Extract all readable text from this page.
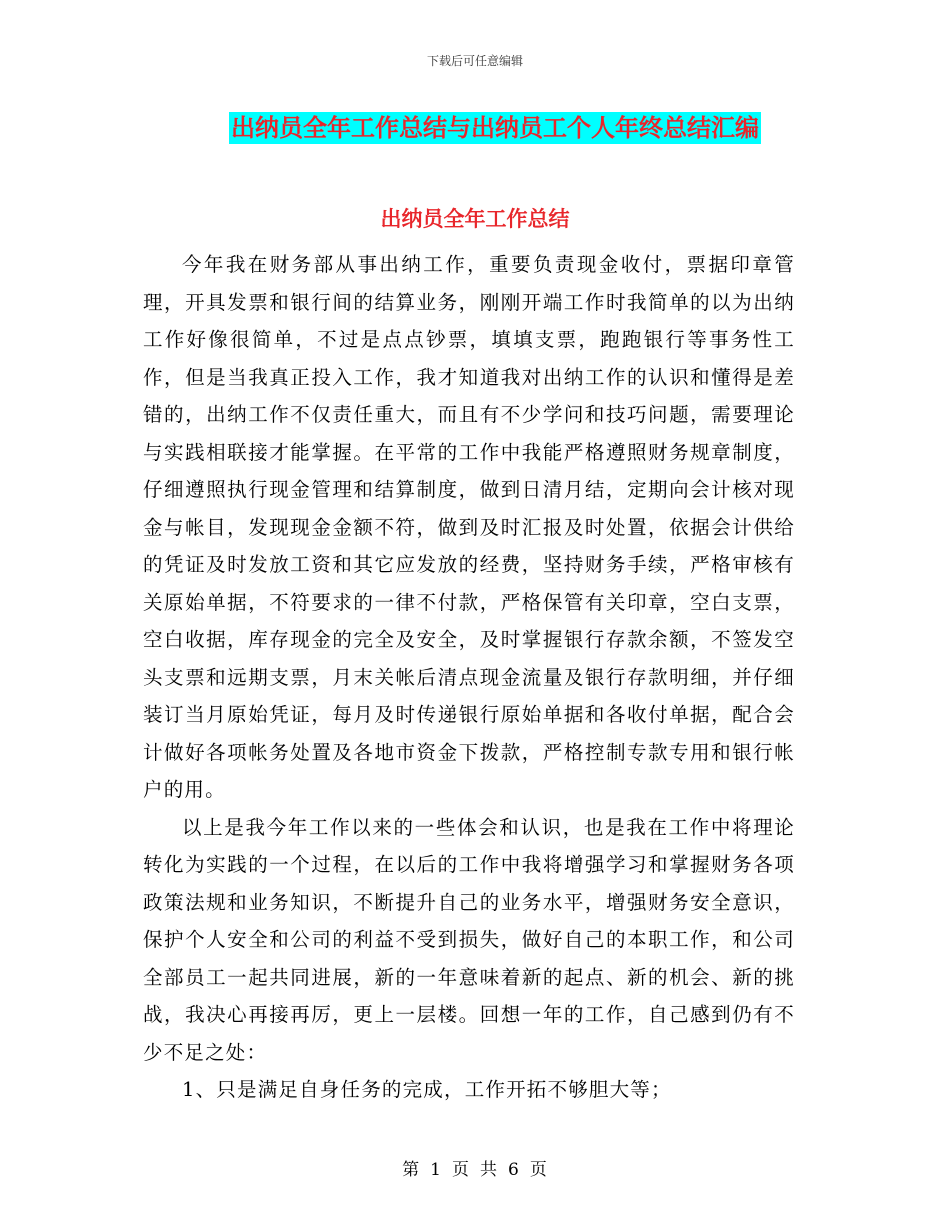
下载后可任意编辑
出纳员全年工作总结与出纳员工个人年终总结汇编
出纳员全年工作总结

今年我在财务部从事出纳工作，重要负责现金收付，票据印章管理，开具发票和银行间的结算业务，刚刚开端工作时我简单的以为出纳工作好像很简单，不过是点点钞票，填填支票，跑跑银行等事务性工作，但是当我真正投入工作，我才知道我对出纳工作的认识和懂得是差错的，出纳工作不仅责任重大，而且有不少学问和技巧问题，需要理论与实践相联接才能掌握。在平常的工作中我能严格遵照财务规章制度，仔细遵照执行现金管理和结算制度，做到日清月结，定期向会计核对现金与帐目，发现现金金额不符，做到及时汇报及时处置，依据会计供给的凭证及时发放工资和其它应发放的经费，坚持财务手续，严格审核有关原始单据，不符要求的一律不付款，严格保管有关印章，空白支票，空白收据，库存现金的完全及安全，及时掌握银行存款余额，不签发空头支票和远期支票，月末关帐后清点现金流量及银行存款明细，并仔细装订当月原始凭证，每月及时传递银行原始单据和各收付单据，配合会计做好各项帐务处置及各地市资金下拨款，严格控制专款专用和银行帐户的用。

以上是我今年工作以来的一些体会和认识，也是我在工作中将理论转化为实践的一个过程，在以后的工作中我将增强学习和掌握财务各项政策法规和业务知识，不断提升自己的业务水平，增强财务安全意识，保护个人安全和公司的利益不受到损失，做好自己的本职工作，和公司全部员工一起共同进展，新的一年意味着新的起点、新的机会、新的挑战，我决心再接再厉，更上一层楼。回想一年的工作，自己感到仍有不少不足之处：

1、只是满足自身任务的完成，工作开拓不够胆大等；

第 1 页 共 6 页
